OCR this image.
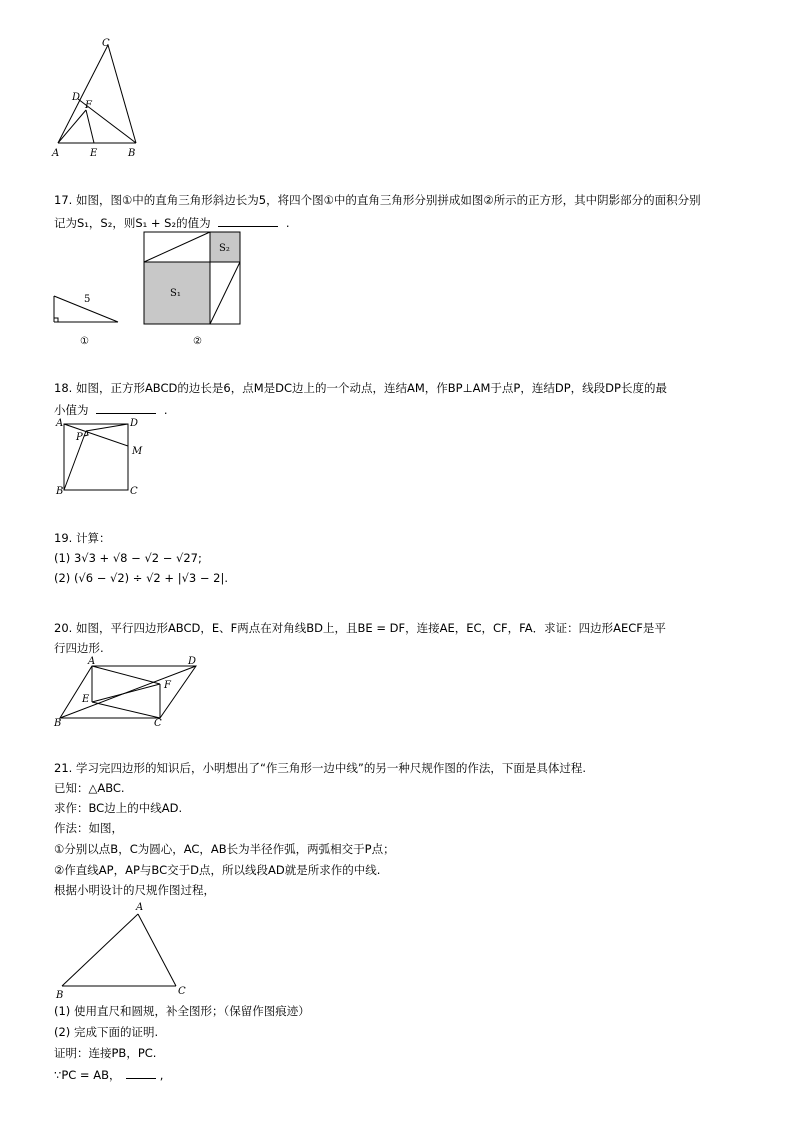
C
D
F
A	E	B
17. 如图，图①中的直角三角形斜边长为5，将四个图①中的直角三角形分别拼成如图②所示的正方形，其中阴影部分的面积分别
记为S₁，S₂，则S₁ + S₂的值为	.
5
①
S₂
S₁
②
18. 如图，正方形ABCD的边长是6，点M是DC边上的一个动点，连结AM，作BP⊥AM于点P，连结DP，线段DP长度的最
小值为	.
A	D
P
M
B	C
19. 计算：
(1) 3√3 + √8 − √2 − √27;
(2) (√6 − √2) ÷ √2 + |√3 − 2|.
20. 如图，平行四边形ABCD，E、F两点在对角线BD上，且BE = DF，连接AE，EC，CF，FA．求证：四边形AECF是平
行四边形.
A	D
E
F
B	C
21. 学习完四边形的知识后，小明想出了“作三角形一边中线”的另一种尺规作图的作法，下面是具体过程.
已知：△ABC.
求作：BC边上的中线AD.
作法：如图，
①分别以点B，C为圆心，AC，AB长为半径作弧，两弧相交于P点；
②作直线AP，AP与BC交于D点，所以线段AD就是所求作的中线.
根据小明设计的尺规作图过程，
A
B	C
(1) 使用直尺和圆规，补全图形；（保留作图痕迹）
(2) 完成下面的证明.
证明：连接PB，PC.
∵PC = AB，	,
